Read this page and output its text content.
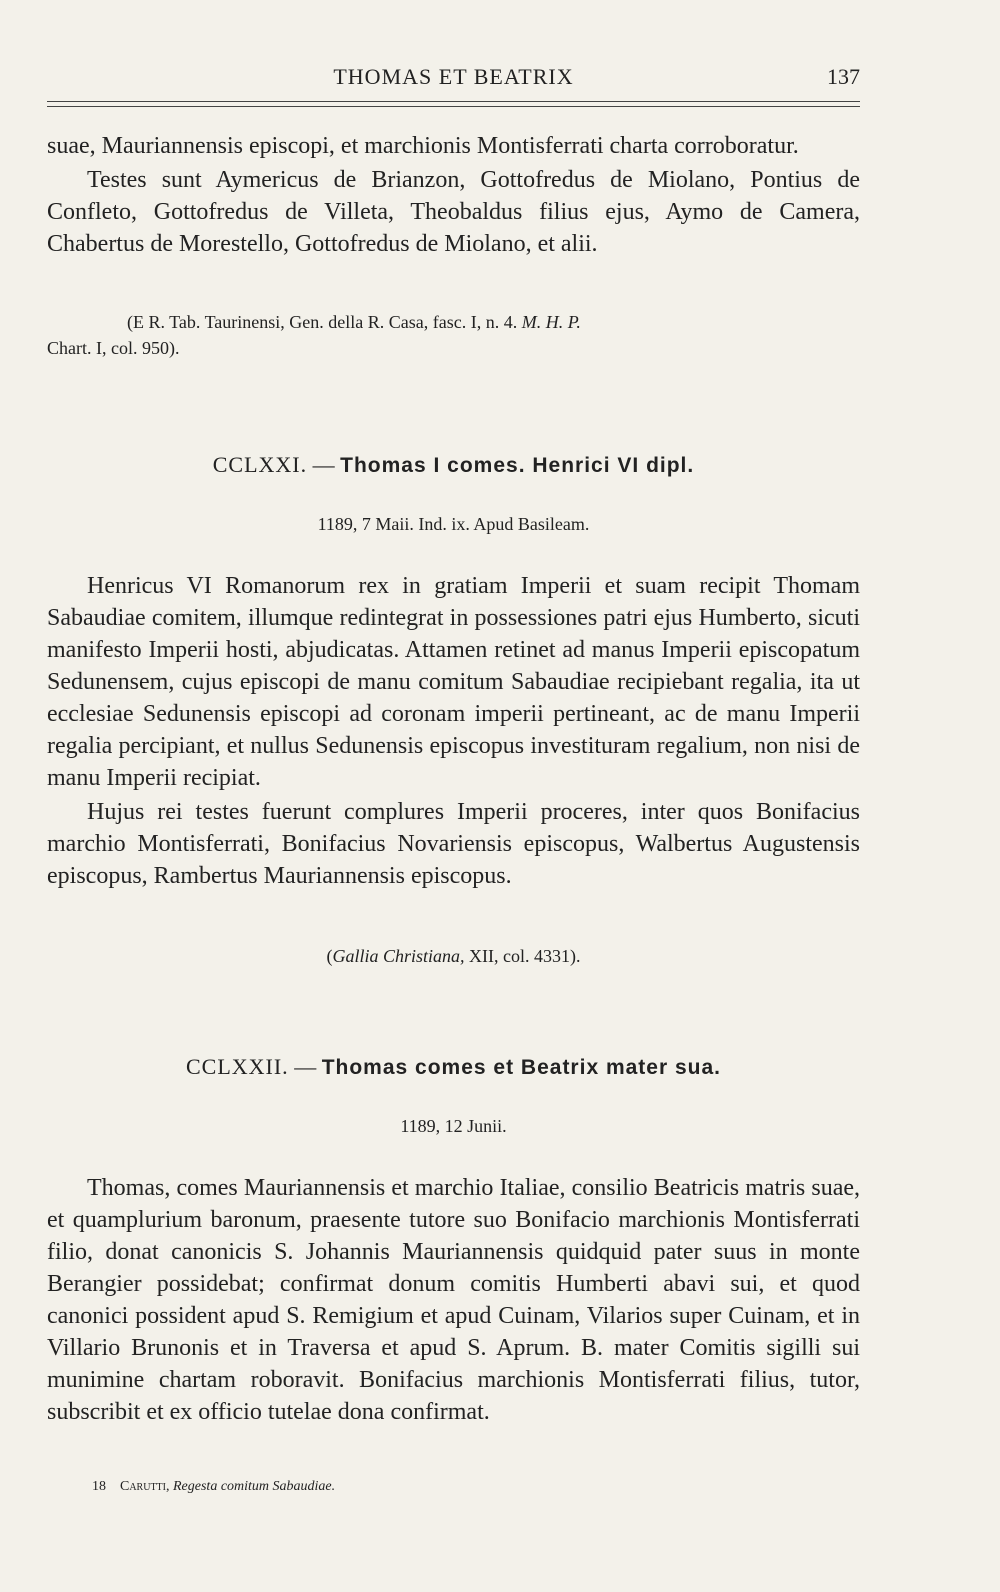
THOMAS ET BEATRIX	137

suae, Mauriannensis episcopi, et marchionis Montisferrati charta corroboratur.

Testes sunt Aymericus de Brianzon, Gottofredus de Miolano, Pontius de Confleto, Gottofredus de Villeta, Theobaldus filius ejus, Aymo de Camera, Chabertus de Morestello, Gottofredus de Miolano, et alii.

(E R. Tab. Taurinensi, Gen. della R. Casa, fasc. I, n. 4. M. H. P.
Chart. I, col. 950).
CCLXXI. — Thomas I comes. Henrici VI dipl.
1189, 7 Maii. Ind. ix. Apud Basileam.

Henricus VI Romanorum rex in gratiam Imperii et suam recipit Thomam Sabaudiae comitem, illumque redintegrat in possessiones patri ejus Humberto, sicuti manifesto Imperii hosti, abjudicatas. Attamen retinet ad manus Imperii episcopatum Sedunensem, cujus episcopi de manu comitum Sabaudiae recipiebant regalia, ita ut ecclesiae Sedunensis episcopi ad coronam imperii pertineant, ac de manu Imperii regalia percipiant, et nullus Sedunensis episcopus investituram regalium, non nisi de manu Imperii recipiat.

Hujus rei testes fuerunt complures Imperii proceres, inter quos Bonifacius marchio Montisferrati, Bonifacius Novariensis episcopus, Walbertus Augustensis episcopus, Rambertus Mauriannensis episcopus.

(Gallia Christiana, XII, col. 4331).
CCLXXII. — Thomas comes et Beatrix mater sua.
1189, 12 Junii.

Thomas, comes Mauriannensis et marchio Italiae, consilio Beatricis matris suae, et quamplurium baronum, praesente tutore suo Bonifacio marchionis Montisferrati filio, donat canonicis S. Johannis Mauriannensis quidquid pater suus in monte Berangier possidebat; confirmat donum comitis Humberti abavi sui, et quod canonici possident apud S. Remigium et apud Cuinam, Vilarios super Cuinam, et in Villario Brunonis et in Traversa et apud S. Aprum. B. mater Comitis sigilli sui munimine chartam roboravit. Bonifacius marchionis Montisferrati filius, tutor, subscribit et ex officio tutelae dona confirmat.

18 Carutti, Regesta comitum Sabaudiae.
